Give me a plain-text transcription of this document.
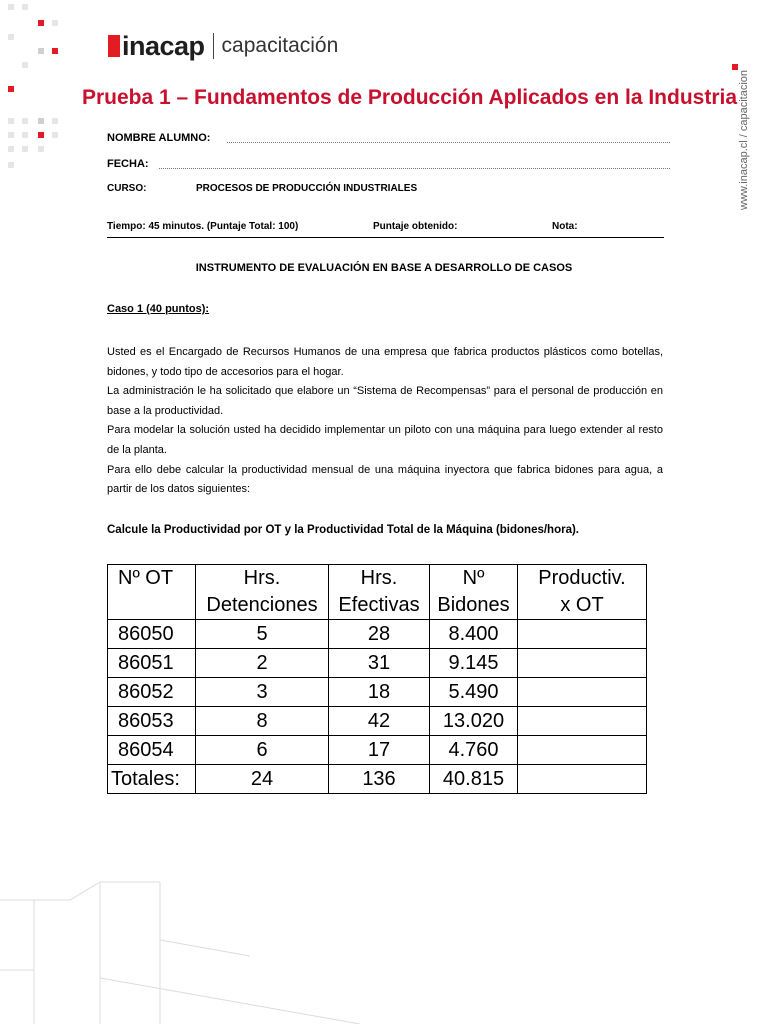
inacap capacitación
www.inacap.cl / capacitacion
Prueba 1 – Fundamentos de Producción Aplicados en la Industria
NOMBRE ALUMNO:
FECHA:
CURSO:	PROCESOS DE PRODUCCIÓN INDUSTRIALES
Tiempo: 45 minutos. (Puntaje Total: 100)	Puntaje obtenido:	Nota:
INSTRUMENTO DE EVALUACIÓN EN BASE A DESARROLLO DE CASOS
Caso 1 (40 puntos):

Usted es el Encargado de Recursos Humanos de una empresa que fabrica productos plásticos como botellas, bidones, y todo tipo de accesorios para el hogar.

La administración le ha solicitado que elabore un “Sistema de Recompensas” para el personal de producción en base a la productividad.

Para modelar la solución usted ha decidido implementar un piloto con una máquina para luego extender al resto de la planta.

Para ello debe calcular la productividad mensual de una máquina inyectora que fabrica bidones para agua, a partir de los datos siguientes:

Calcule la Productividad por OT y la Productividad Total de la Máquina (bidones/hora).
Nº OT	Hrs.	Hrs.	Nº	Productiv.
	Detenciones	Efectivas	Bidones	x OT
86050	5	28	8.400	
86051	2	31	9.145	
86052	3	18	5.490	
86053	8	42	13.020	
86054	6	17	4.760	
Totales:	24	136	40.815	
